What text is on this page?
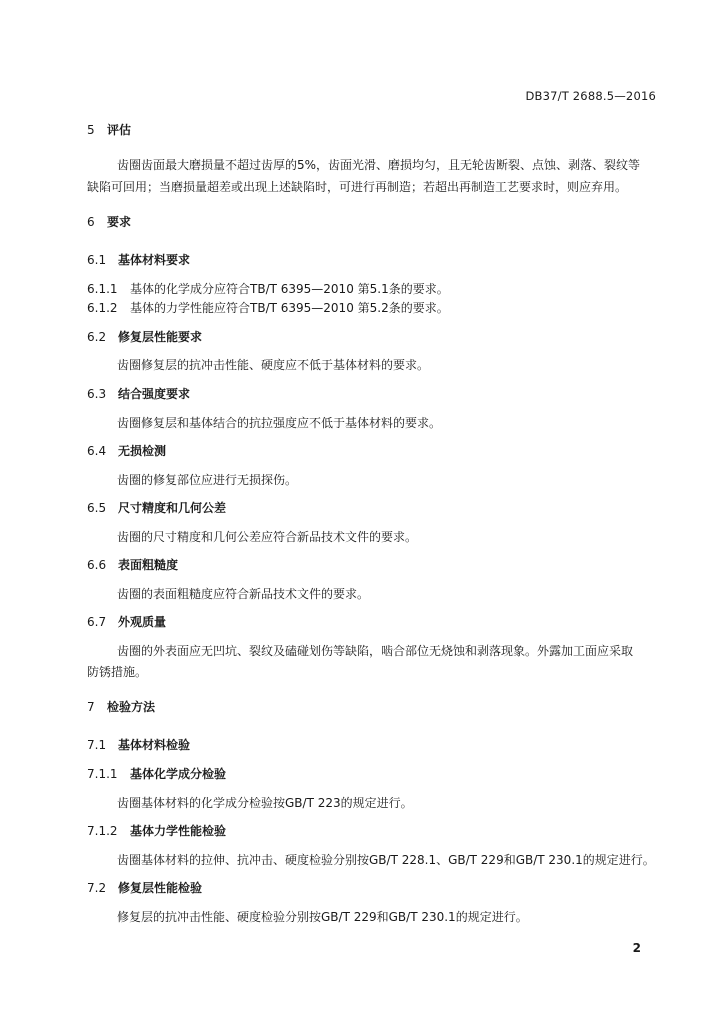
DB37/T 2688.5—2016
5 评估
齿圈齿面最大磨损量不超过齿厚的5%，齿面光滑、磨损均匀，且无轮齿断裂、点蚀、剥落、裂纹等
缺陷可回用；当磨损量超差或出现上述缺陷时，可进行再制造；若超出再制造工艺要求时，则应弃用。
6 要求
6.1 基体材料要求
6.1.1 基体的化学成分应符合TB/T 6395—2010 第5.1条的要求。
6.1.2 基体的力学性能应符合TB/T 6395—2010 第5.2条的要求。
6.2 修复层性能要求
齿圈修复层的抗冲击性能、硬度应不低于基体材料的要求。
6.3 结合强度要求
齿圈修复层和基体结合的抗拉强度应不低于基体材料的要求。
6.4 无损检测
齿圈的修复部位应进行无损探伤。
6.5 尺寸精度和几何公差
齿圈的尺寸精度和几何公差应符合新品技术文件的要求。
6.6 表面粗糙度
齿圈的表面粗糙度应符合新品技术文件的要求。
6.7 外观质量
齿圈的外表面应无凹坑、裂纹及磕碰划伤等缺陷，啮合部位无烧蚀和剥落现象。外露加工面应采取
防锈措施。
7 检验方法
7.1 基体材料检验
7.1.1 基体化学成分检验
齿圈基体材料的化学成分检验按GB/T 223的规定进行。
7.1.2 基体力学性能检验
齿圈基体材料的拉伸、抗冲击、硬度检验分别按GB/T 228.1、GB/T 229和GB/T 230.1的规定进行。
7.2 修复层性能检验
修复层的抗冲击性能、硬度检验分别按GB/T 229和GB/T 230.1的规定进行。
2
